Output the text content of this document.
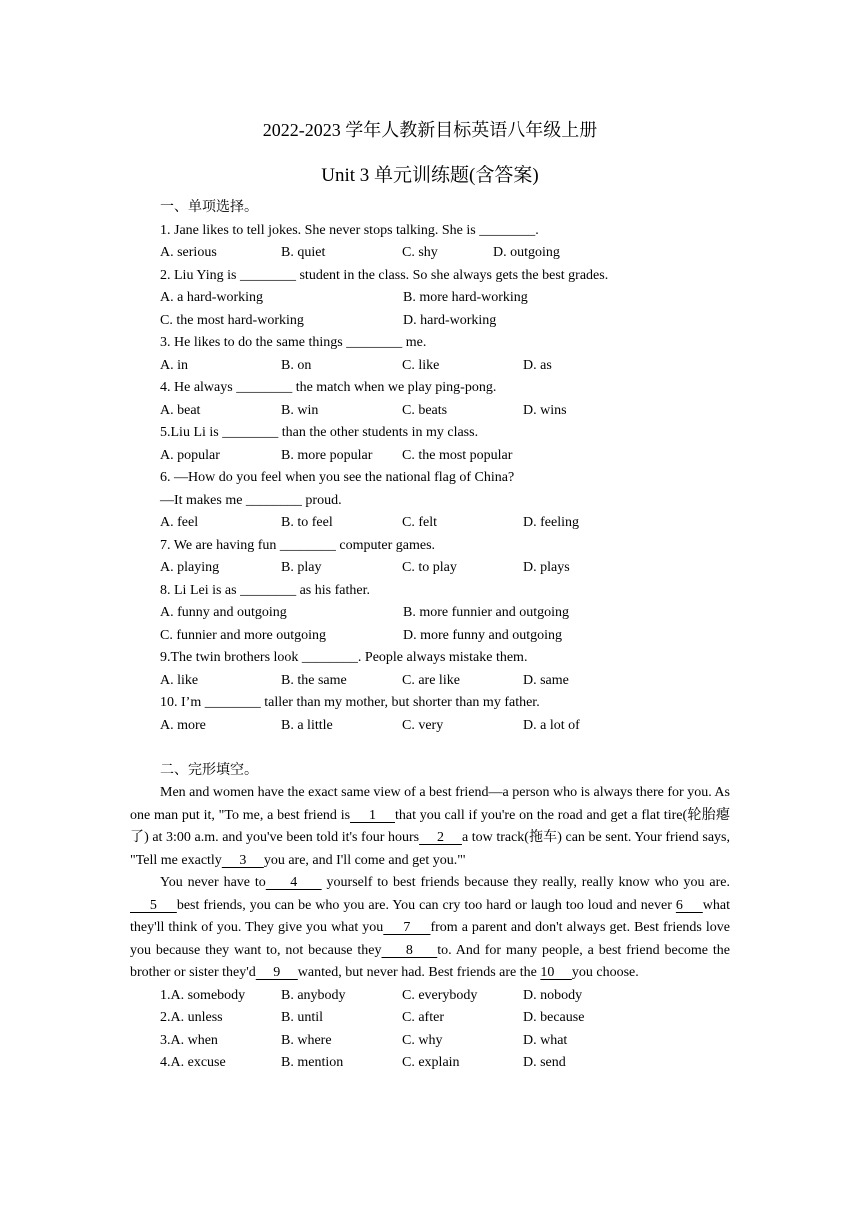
2022-2023 学年人教新目标英语八年级上册
Unit 3 单元训练题(含答案)
一、单项选择。
1. Jane likes to tell jokes. She never stops talking. She is ________.
A. serious	B. quiet	C. shy	D. outgoing
2. Liu Ying is ________ student in the class. So she always gets the best grades.
A. a hard-working	B. more hard-working
C. the most hard-working	D. hard-working
3. He likes to do the same things ________ me.
A. in	B. on	C. like	D. as
4. He always ________ the match when we play ping-pong.
A. beat	B. win	C. beats	D. wins
5.Liu Li is ________ than the other students in my class.
A. popular	B. more popular	C. the most popular
6. —How do you feel when you see the national flag of China?
—It makes me ________ proud.
A. feel	B. to feel	C. felt	D. feeling
7. We are having fun ________ computer games.
A. playing	B. play	C. to play	D. plays
8. Li Lei is as ________ as his father.
A. funny and outgoing	B. more funnier and outgoing
C. funnier and more outgoing	D. more funny and outgoing
9.The twin brothers look ________. People always mistake them.
A. like	B. the same	C. are like	D. same
10. I’m ________ taller than my mother, but shorter than my father.
A. more	B. a little	C. very	D. a lot of
二、完形填空。
Men and women have the exact same view of a best friend—a person who is always there for you. As one man put it, "To me, a best friend is     1     that you call if you're on the road and get a flat tire(轮胎瘪了) at 3:00 a.m. and you've been told it's four hours     2     a tow track(拖车) can be sent. Your friend says, "Tell me exactly     3     you are, and I'll come and get you."'
You never have to     4      yourself to best friends because they really, really know who you are.     5     best friends, you can be who you are. You can cry too hard or laugh too loud and never 6     what they'll think of you. They give you what you     7     from a parent and don't always get. Best friends love you because they want to, not because they     8     to. And for many people, a best friend become the brother or sister they'd     9     wanted, but never had. Best friends are the 10     you choose.
1.A. somebody	B. anybody	C. everybody	D. nobody
2.A. unless	B. until	C. after	D. because
3.A. when	B. where	C. why	D. what
4.A. excuse	B. mention	C. explain	D. send
